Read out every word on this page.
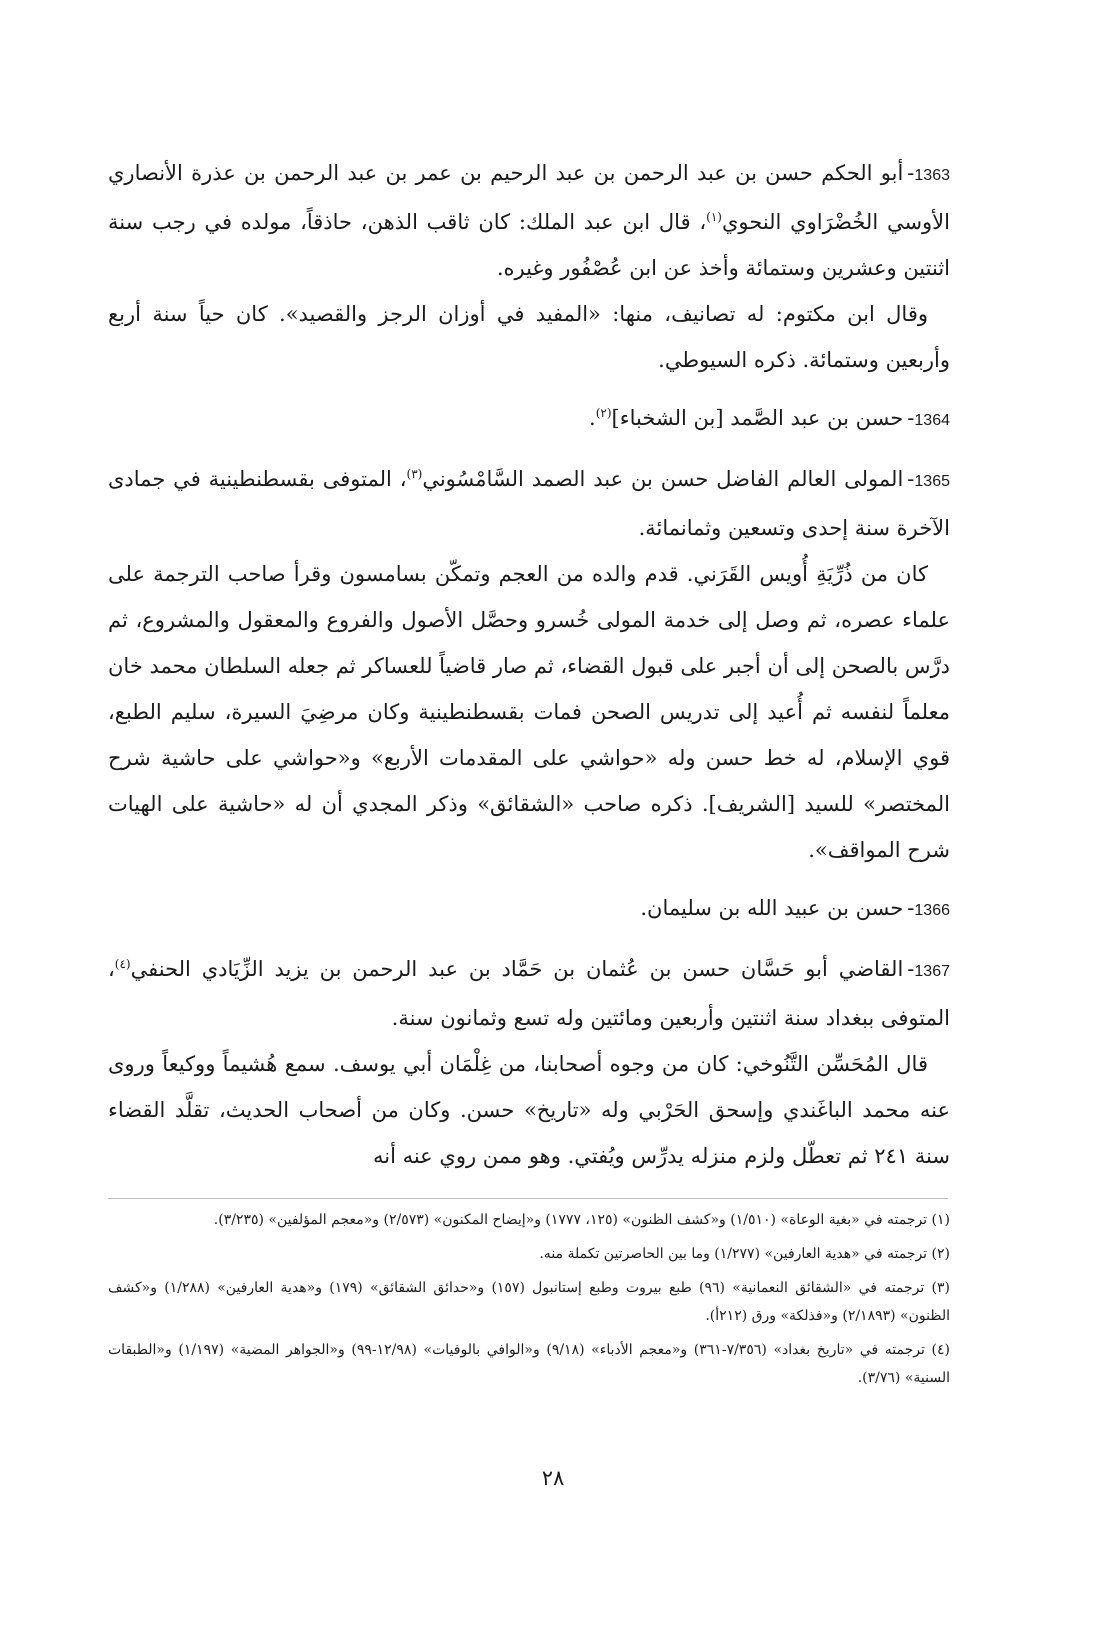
1363-أبو الحكم حسن بن عبد الرحمن بن عبد الرحيم بن عمر بن عبد الرحمن بن عذرة الأنصاري الأوسي الخُضْرَاوي النحوي$^{(١)}$، قال ابن عبد الملك: كان ثاقب الذهن، حاذقاً، مولده في رجب سنة اثنتين وعشرين وستمائة وأخذ عن ابن عُصْفُور وغيره.

وقال ابن مكتوم: له تصانيف، منها: «المفيد في أوزان الرجز والقصيد». كان حياً سنة أربع وأربعين وستمائة. ذكره السيوطي.

1364-حسن بن عبد الصَّمد [بن الشخباء]$^{(٢)}$.

1365-المولى العالم الفاضل حسن بن عبد الصمد السَّامْسُوني$^{(٣)}$، المتوفى بقسطنطينية في جمادى الآخرة سنة إحدى وتسعين وثمانمائة.

كان من ذُرِّيَةِ أُويس القَرَني. قدم والده من العجم وتمكّن بسامسون وقرأ صاحب الترجمة على علماء عصره، ثم وصل إلى خدمة المولى خُسرو وحصَّل الأصول والفروع والمعقول والمشروع، ثم درَّس بالصحن إلى أن أجبر على قبول القضاء، ثم صار قاضياً للعساكر ثم جعله السلطان محمد خان معلماً لنفسه ثم أُعيد إلى تدريس الصحن فمات بقسطنطينية وكان مرضِيَ السيرة، سليم الطبع، قوي الإسلام، له خط حسن وله «حواشي على المقدمات الأربع» و«حواشي على حاشية شرح المختصر» للسيد [الشريف]. ذكره صاحب «الشقائق» وذكر المجدي أن له «حاشية على الهيات شرح المواقف».

1366-حسن بن عبيد الله بن سليمان.

1367-القاضي أبو حَسَّان حسن بن عُثمان بن حَمَّاد بن عبد الرحمن بن يزيد الزِّيَادي الحنفي$^{(٤)}$، المتوفى ببغداد سنة اثنتين وأربعين ومائتين وله تسع وثمانون سنة.

قال المُحَسِّن التَّنُوخي: كان من وجوه أصحابنا، من غِلْمَان أبي يوسف. سمع هُشيماً ووكيعاً وروى عنه محمد الباغَندي وإسحق الحَرْبي وله «تاريخ» حسن. وكان من أصحاب الحديث، تقلَّد القضاء سنة ٢٤١ ثم تعطّل ولزم منزله يدرِّس ويُفتي. وهو ممن روي عنه أنه

(١) ترجمته في «بغية الوعاة» (١/٥١٠) و«كشف الظنون» (١٢٥، ١٧٧٧) و«إيضاح المكنون» (٢/٥٧٣) و«معجم المؤلفين» (٣/٢٣٥).

(٢) ترجمته في «هدية العارفين» (١/٢٧٧) وما بين الحاصرتين تكملة منه.

(٣) ترجمته في «الشقائق النعمانية» (٩٦) طبع بيروت وطبع إستانبول (١٥٧) و«حدائق الشقائق» (١٧٩) و«هدية العارفين» (١/٢٨٨) و«كشف الظنون» (٢/١٨٩٣) و«فذلكة» ورق (٢١٢أ).

(٤) ترجمته في «تاريخ بغداد» (٧/٣٥٦-٣٦١) و«معجم الأدباء» (٩/١٨) و«الوافي بالوفيات» (١٢/٩٨-٩٩) و«الجواهر المضية» (١/١٩٧) و«الطبقات السنية» (٣/٧٦).

٢٨
